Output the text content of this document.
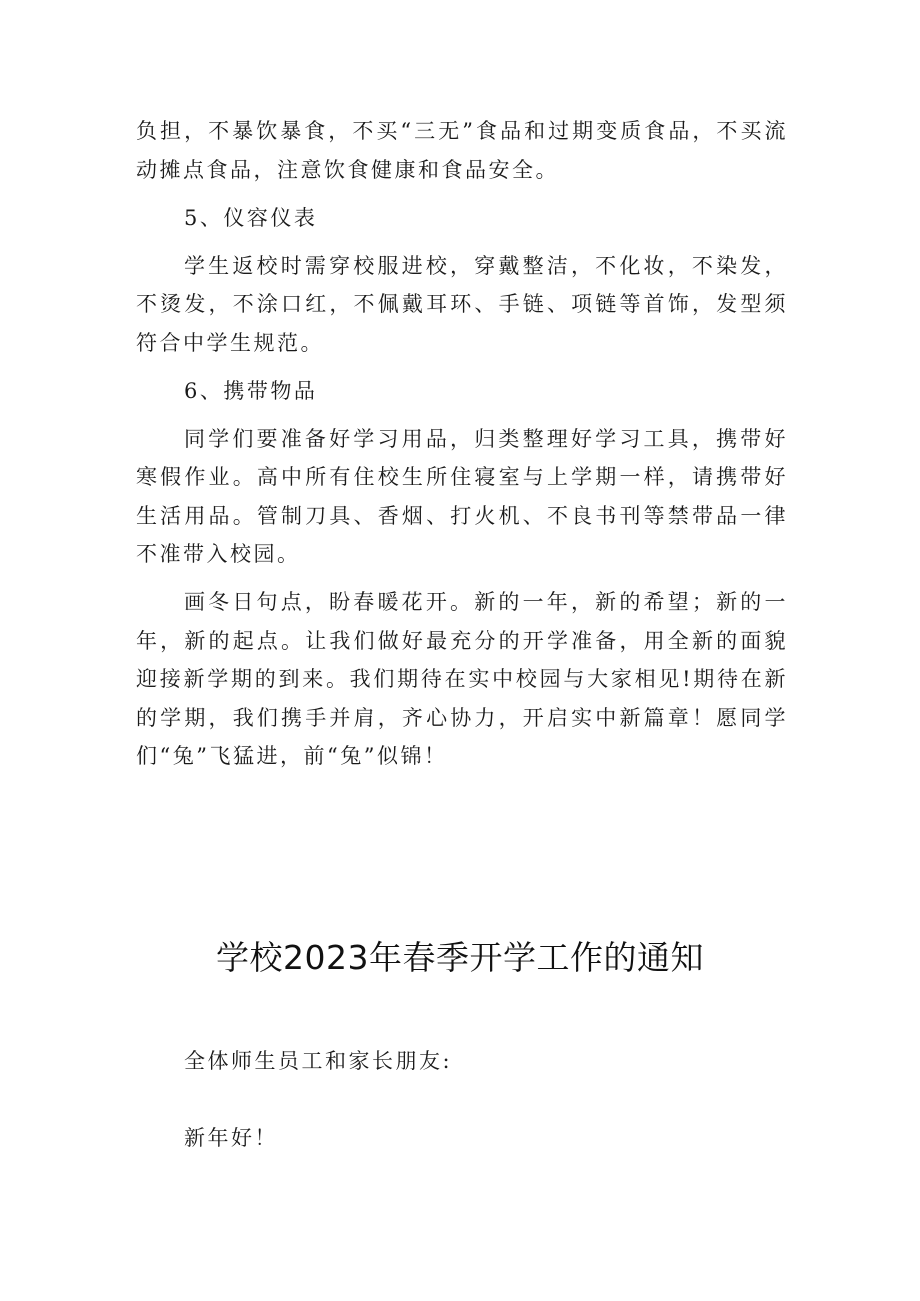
负担，不暴饮暴食，不买“三无”食品和过期变质食品，不买流动摊点食品，注意饮食健康和食品安全。

5、仪容仪表

学生返校时需穿校服进校，穿戴整洁，不化妆，不染发，不烫发，不涂口红，不佩戴耳环、手链、项链等首饰，发型须符合中学生规范。

6、携带物品

同学们要准备好学习用品，归类整理好学习工具，携带好寒假作业。高中所有住校生所住寝室与上学期一样，请携带好生活用品。管制刀具、香烟、打火机、不良书刊等禁带品一律不准带入校园。

画冬日句点，盼春暖花开。新的一年，新的希望；新的一年，新的起点。让我们做好最充分的开学准备，用全新的面貌迎接新学期的到来。我们期待在实中校园与大家相见!期待在新的学期，我们携手并肩，齐心协力，开启实中新篇章！愿同学们“兔”飞猛进，前“兔”似锦！

学校2023年春季开学工作的通知

全体师生员工和家长朋友:

新年好！
